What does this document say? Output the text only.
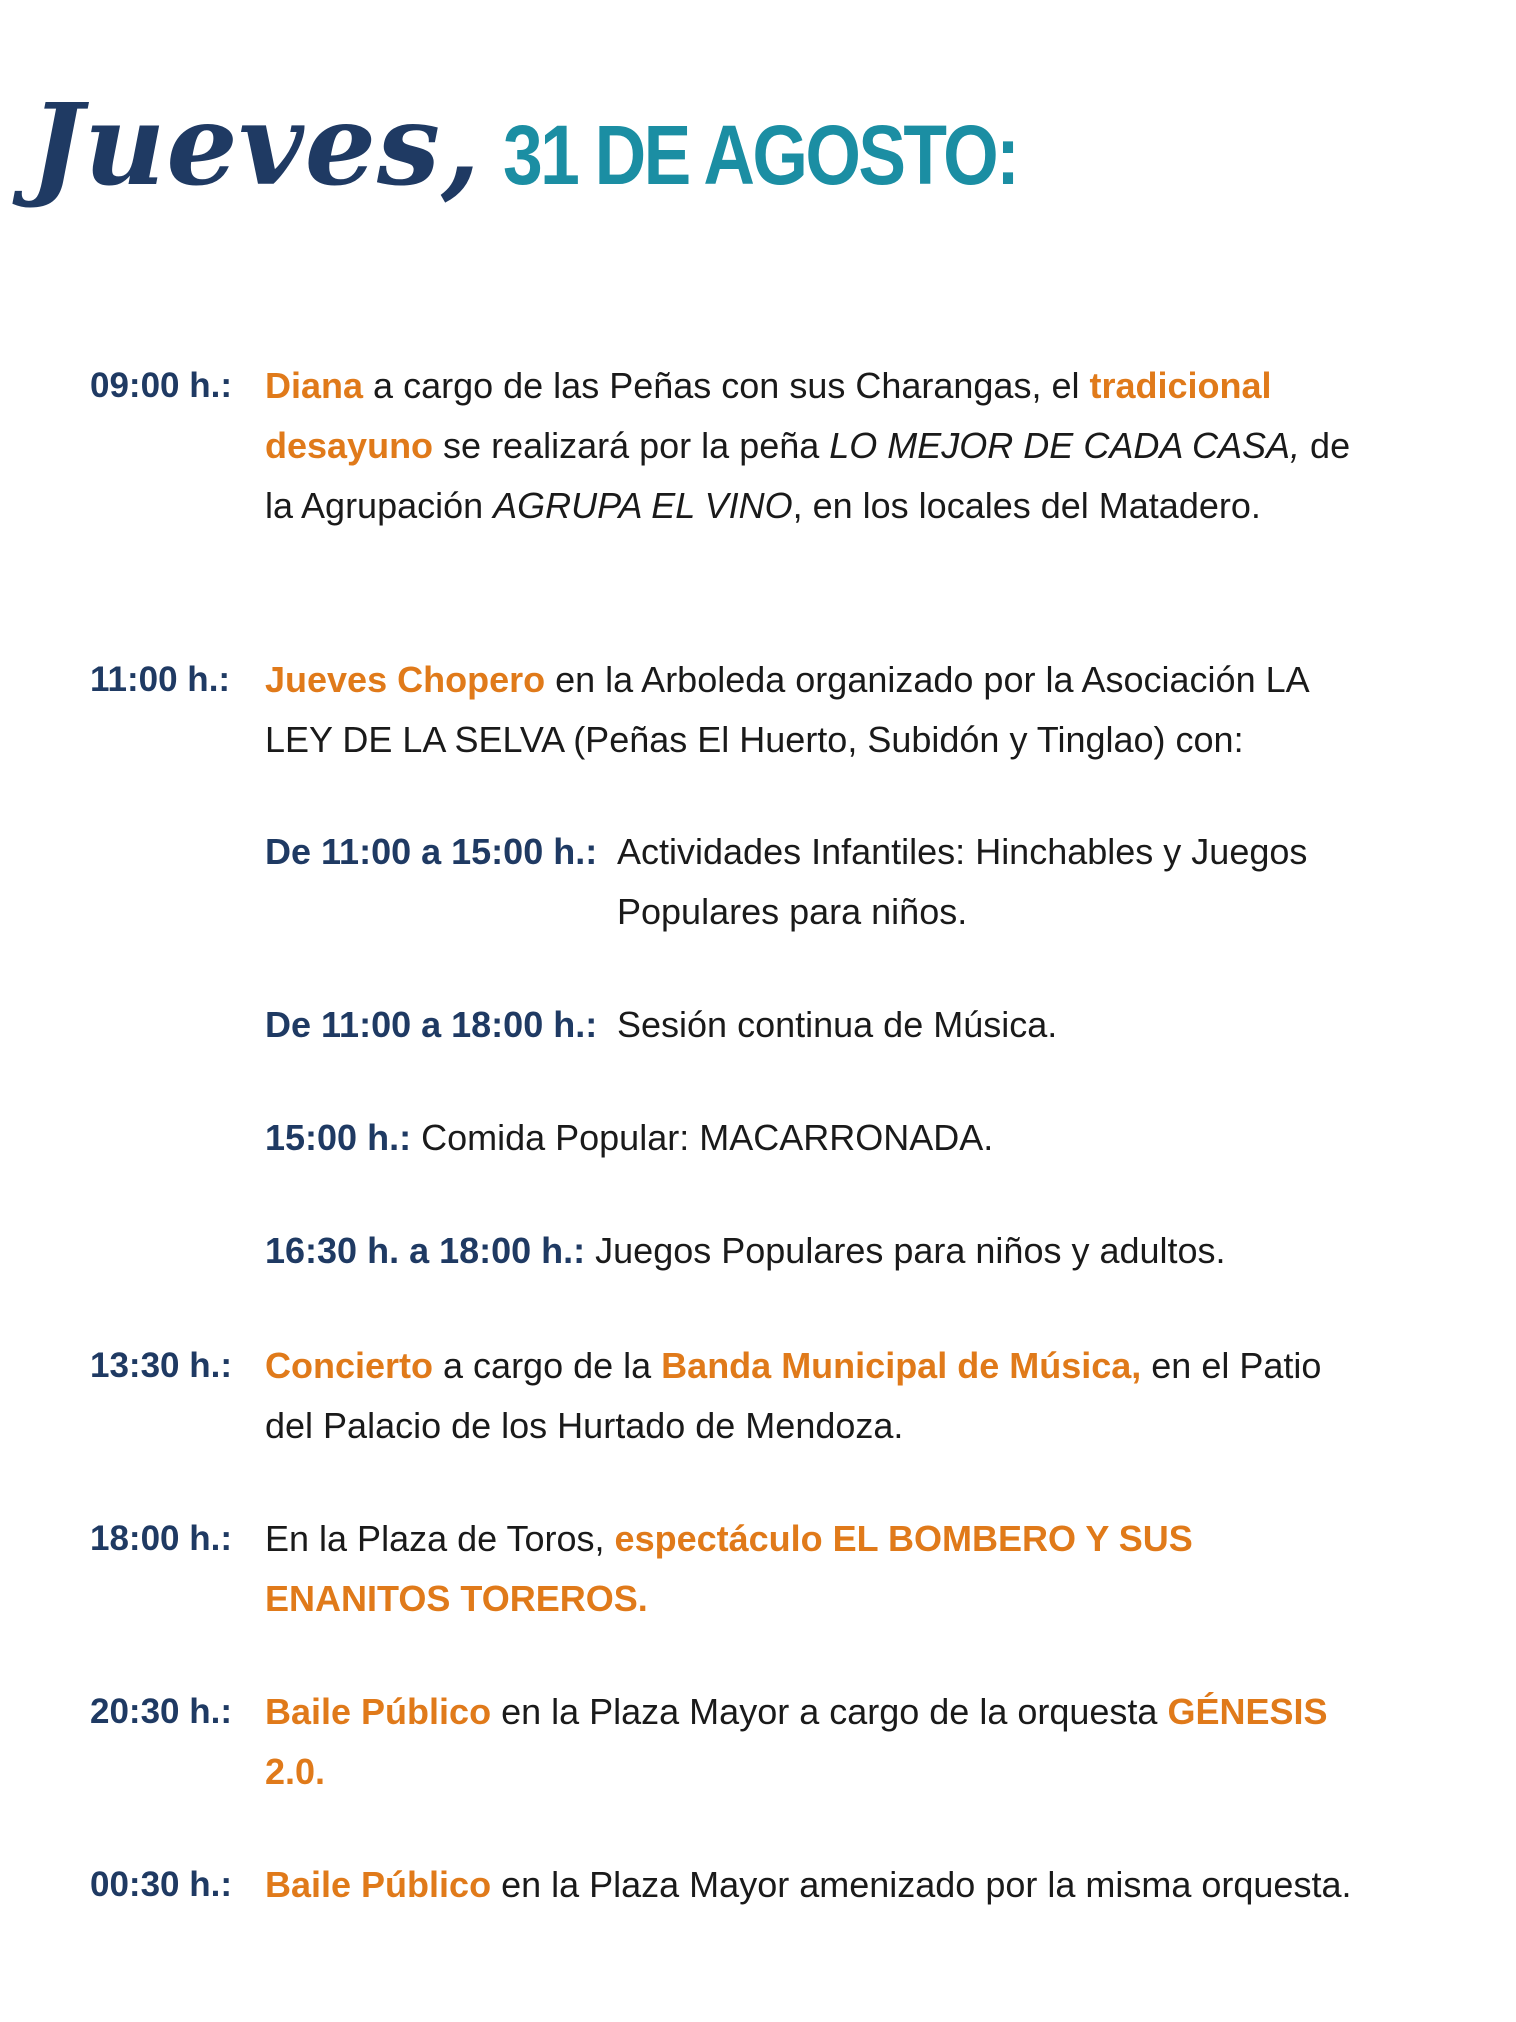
Jueves, 31 DE AGOSTO:
09:00 h.: Diana a cargo de las Peñas con sus Charangas, el tradicional desayuno se realizará por la peña LO MEJOR DE CADA CASA, de la Agrupación AGRUPA EL VINO, en los locales del Matadero.
11:00 h.: Jueves Chopero en la Arboleda organizado por la Asociación LA LEY DE LA SELVA (Peñas El Huerto, Subidón y Tinglao) con:
De 11:00 a 15:00 h.: Actividades Infantiles: Hinchables y Juegos Populares para niños.
De 11:00 a 18:00 h.: Sesión continua de Música.
15:00 h.: Comida Popular: MACARRONADA.
16:30 h. a 18:00 h.: Juegos Populares para niños y adultos.
13:30 h.: Concierto a cargo de la Banda Municipal de Música, en el Patio del Palacio de los Hurtado de Mendoza.
18:00 h.: En la Plaza de Toros, espectáculo EL BOMBERO Y SUS ENANITOS TOREROS.
20:30 h.: Baile Público en la Plaza Mayor a cargo de la orquesta GÉNESIS 2.0.
00:30 h.: Baile Público en la Plaza Mayor amenizado por la misma orquesta.
